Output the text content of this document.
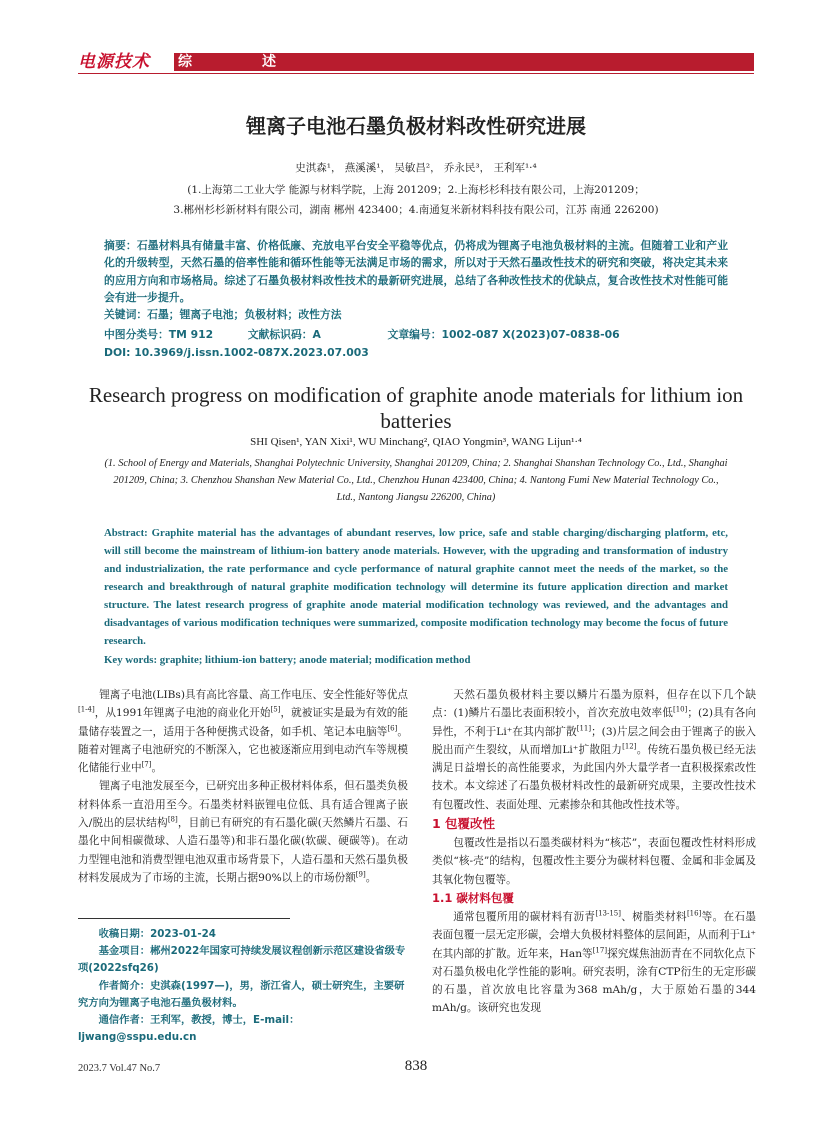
电源技术	综	述
锂离子电池石墨负极材料改性研究进展
史淇森¹， 燕溪溪¹， 吴敏昌²， 乔永民³， 王利军¹·⁴
(1.上海第二工业大学 能源与材料学院，上海 201209；2.上海杉杉科技有限公司，上海201209；
3.郴州杉杉新材料有限公司，湖南 郴州 423400；4.南通复米新材料科技有限公司，江苏 南通 226200)
摘要：石墨材料具有储量丰富、价格低廉、充放电平台安全平稳等优点，仍将成为锂离子电池负极材料的主流。但随着工业和产业化的升级转型，天然石墨的倍率性能和循环性能等无法满足市场的需求，所以对于天然石墨改性技术的研究和突破，将决定其未来的应用方向和市场格局。综述了石墨负极材料改性技术的最新研究进展，总结了各种改性技术的优缺点，复合改性技术对性能可能会有进一步提升。
关键词：石墨；锂离子电池；负极材料；改性方法
中图分类号：TM 912	文献标识码：A	文章编号：1002-087 X(2023)07-0838-06
DOI: 10.3969/j.issn.1002-087X.2023.07.003
Research progress on modification of graphite anode materials for lithium ion batteries
SHI Qisen¹, YAN Xixi¹, WU Minchang², QIAO Yongmin³, WANG Lijun¹·⁴
(1. School of Energy and Materials, Shanghai Polytechnic University, Shanghai 201209, China; 2. Shanghai Shanshan Technology Co., Ltd., Shanghai 201209, China; 3. Chenzhou Shanshan New Material Co., Ltd., Chenzhou Hunan 423400, China; 4. Nantong Fumi New Material Technology Co., Ltd., Nantong Jiangsu 226200, China)
Abstract: Graphite material has the advantages of abundant reserves, low price, safe and stable charging/discharging platform, etc, will still become the mainstream of lithium-ion battery anode materials. However, with the upgrading and transformation of industry and industrialization, the rate performance and cycle performance of natural graphite cannot meet the needs of the market, so the research and breakthrough of natural graphite modification technology will determine its future application direction and market structure. The latest research progress of graphite anode material modification technology was reviewed, and the advantages and disadvantages of various modification techniques were summarized, composite modification technology may become the focus of future research.
Key words: graphite; lithium-ion battery; anode material; modification method

锂离子电池(LIBs)具有高比容量、高工作电压、安全性能好等优点[1-4]，从1991年锂离子电池的商业化开始[5]，就被证实是最为有效的能量储存装置之一，适用于各种便携式设备，如手机、笔记本电脑等[6]。随着对锂离子电池研究的不断深入，它也被逐渐应用到电动汽车等规模化储能行业中[7]。

锂离子电池发展至今，已研究出多种正极材料体系，但石墨类负极材料体系一直沿用至今。石墨类材料嵌锂电位低、具有适合锂离子嵌入/脱出的层状结构[8]，目前已有研究的有石墨化碳(天然鳞片石墨、石墨化中间相碳微球、人造石墨等)和非石墨化碳(软碳、硬碳等)。在动力型锂电池和消费型锂电池双重市场背景下，人造石墨和天然石墨负极材料发展成为了市场的主流，长期占据90%以上的市场份额[9]。

收稿日期：2023-01-24

基金项目：郴州2022年国家可持续发展议程创新示范区建设省级专项(2022sfq26)

作者简介：史淇森(1997—)，男，浙江省人，硕士研究生，主要研究方向为锂离子电池石墨负极材料。

通信作者：王利军，教授，博士，E-mail：ljwang@sspu.edu.cn

天然石墨负极材料主要以鳞片石墨为原料，但存在以下几个缺点：(1)鳞片石墨比表面积较小，首次充放电效率低[10]；(2)具有各向异性，不利于Li⁺在其内部扩散[11]；(3)片层之间会由于锂离子的嵌入脱出而产生裂纹，从而增加Li⁺扩散阻力[12]。传统石墨负极已经无法满足日益增长的高性能要求，为此国内外大量学者一直积极探索改性技术。本文综述了石墨负极材料改性的最新研究成果，主要改性技术有包覆改性、表面处理、元素掺杂和其他改性技术等。

1 包覆改性

包覆改性是指以石墨类碳材料为“核芯”，表面包覆改性材料形成类似“核-壳”的结构，包覆改性主要分为碳材料包覆、金属和非金属及其氧化物包覆等。

1.1 碳材料包覆

通常包覆所用的碳材料有沥青[13-15]、树脂类材料[16]等。在石墨表面包覆一层无定形碳，会增大负极材料整体的层间距，从而利于Li⁺在其内部的扩散。近年来，Han等[17]探究煤焦油沥青在不同软化点下对石墨负极电化学性能的影响。研究表明，涂有CTP衍生的无定形碳的石墨，首次放电比容量为368 mAh/g，大于原始石墨的344 mAh/g。该研究也发现

2023.7 Vol.47 No.7	838
